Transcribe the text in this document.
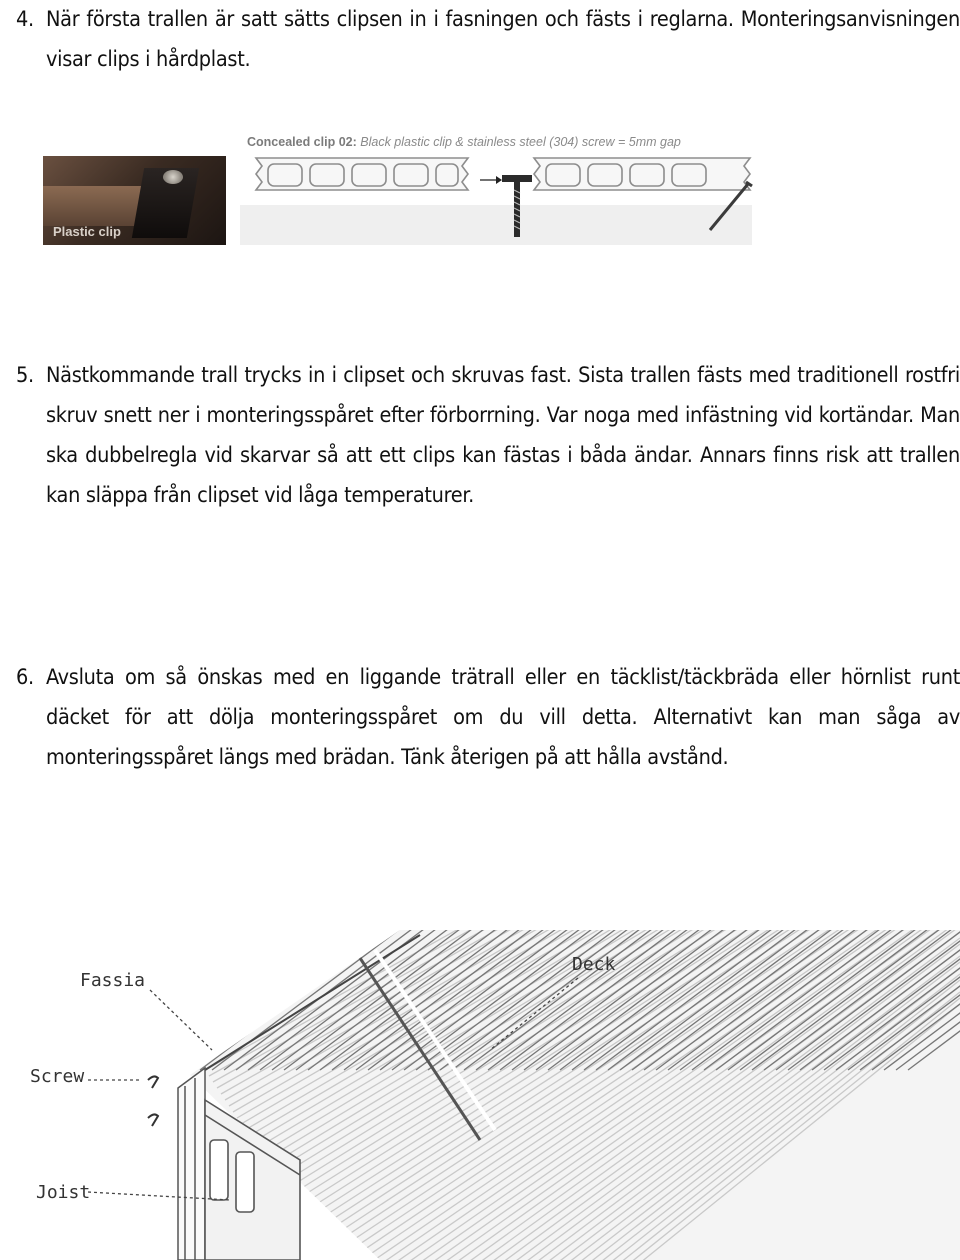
4. När första trallen är satt sätts clipsen in i fasningen och fästs i reglarna. Monteringsanvisningen visar clips i hårdplast.
Plastic clip
Concealed clip 02: Black plastic clip & stainless steel (304) screw = 5mm gap
5. Nästkommande trall trycks in i clipset och skruvas fast. Sista trallen fästs med traditionell rostfri skruv snett ner i monteringsspåret efter förborrning. Var noga med infästning vid kortändar. Man ska dubbelregla vid skarvar så att ett clips kan fästas i båda ändar. Annars finns risk att trallen kan släppa från clipset vid låga temperaturer.
6. Avsluta om så önskas med en liggande trätrall eller en täcklist/täckbräda eller hörnlist runt däcket för att dölja monteringsspåret om du vill detta. Alternativt kan man såga av monteringsspåret längs med brädan. Tänk återigen på att hålla avstånd.
Fassia
Deck
Screw
Joist
